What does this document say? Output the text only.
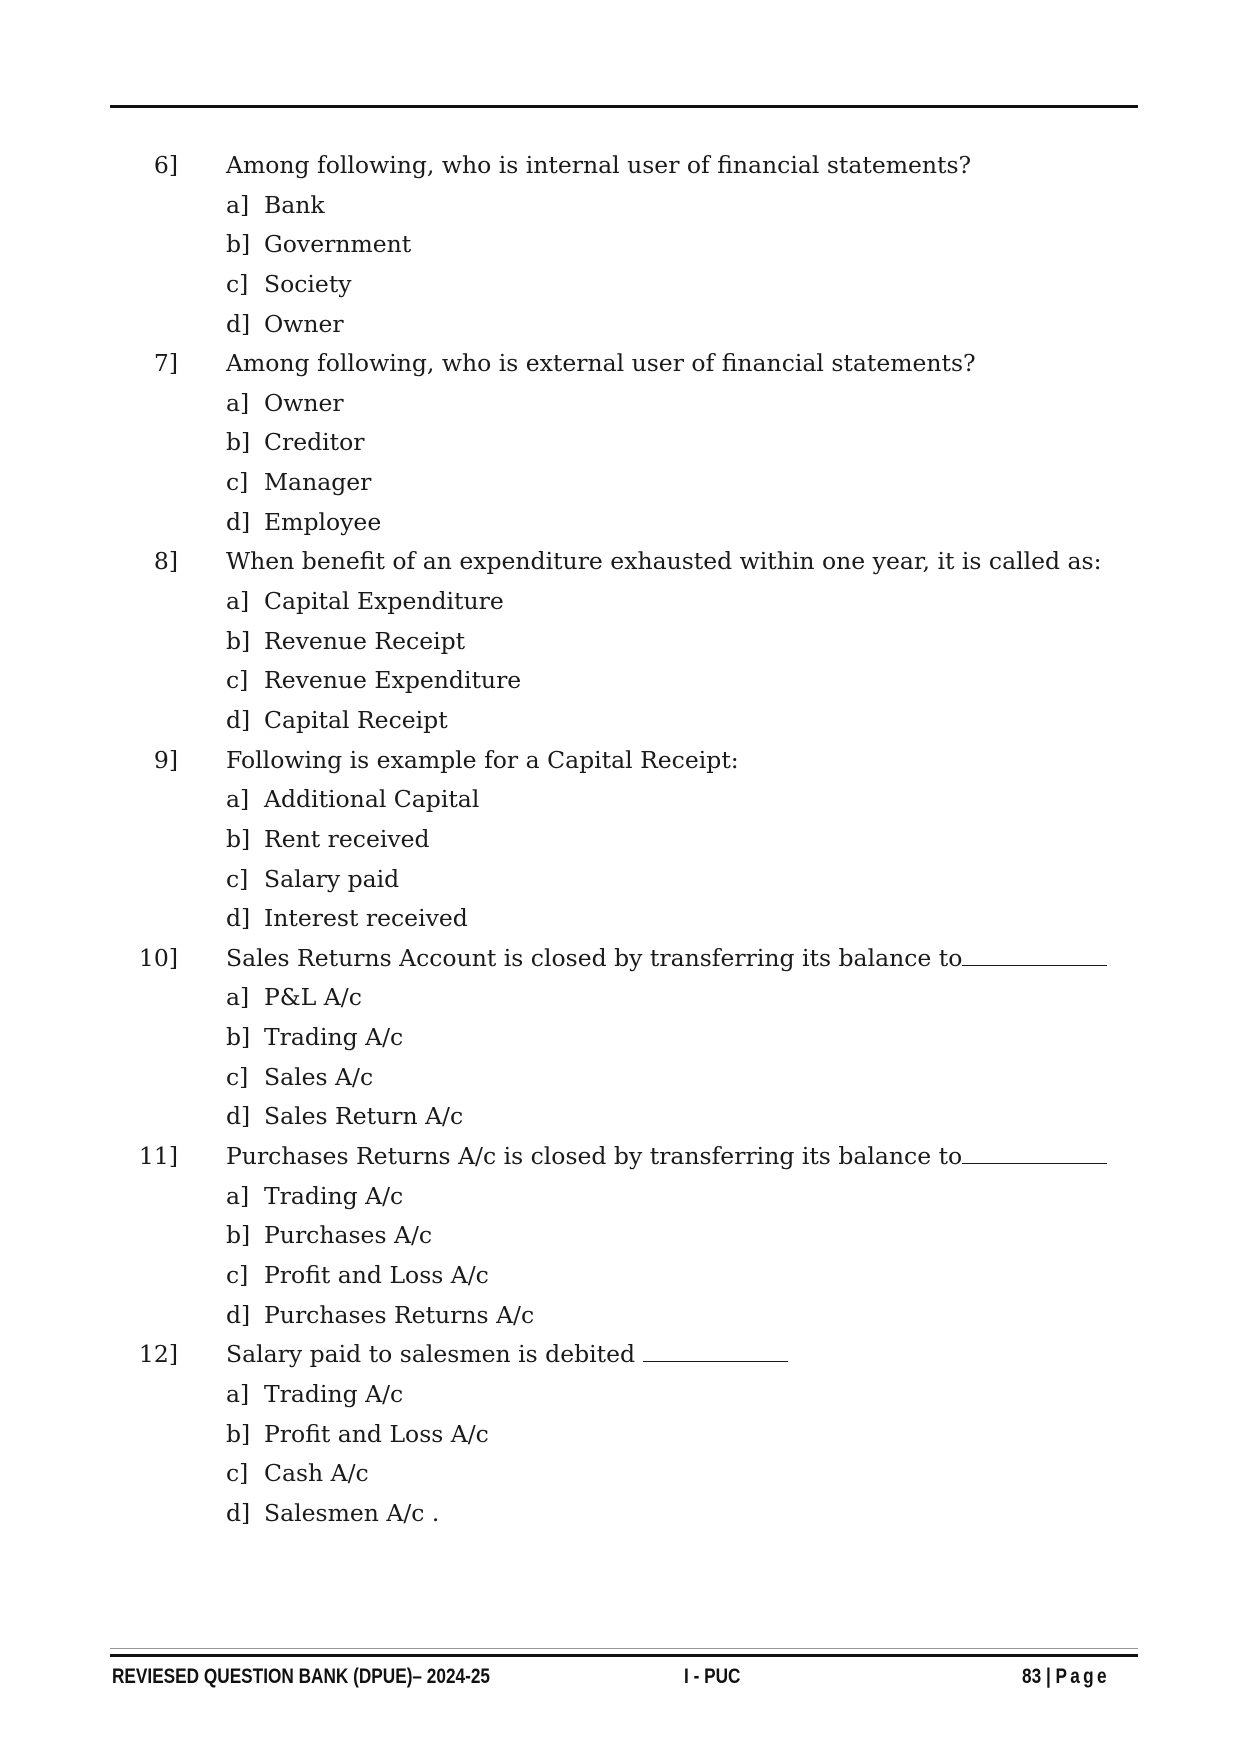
6] Among following, who is internal user of financial statements?
a] Bank
b] Government
c] Society
d] Owner
7] Among following, who is external user of financial statements?
a] Owner
b] Creditor
c] Manager
d] Employee
8] When benefit of an expenditure exhausted within one year, it is called as:
a] Capital Expenditure
b] Revenue Receipt
c] Revenue Expenditure
d] Capital Receipt
9] Following is example for a Capital Receipt:
a] Additional Capital
b] Rent received
c] Salary paid
d] Interest received
10] Sales Returns Account is closed by transferring its balance to
a] P&L A/c
b] Trading A/c
c] Sales A/c
d] Sales Return A/c
11] Purchases Returns A/c is closed by transferring its balance to
a] Trading A/c
b] Purchases A/c
c] Profit and Loss A/c
d] Purchases Returns A/c
12] Salary paid to salesmen is debited
a] Trading A/c
b] Profit and Loss A/c
c] Cash A/c
d] Salesmen A/c .
REVIESED QUESTION BANK (DPUE)– 2024-25	I - PUC	83 | Page
